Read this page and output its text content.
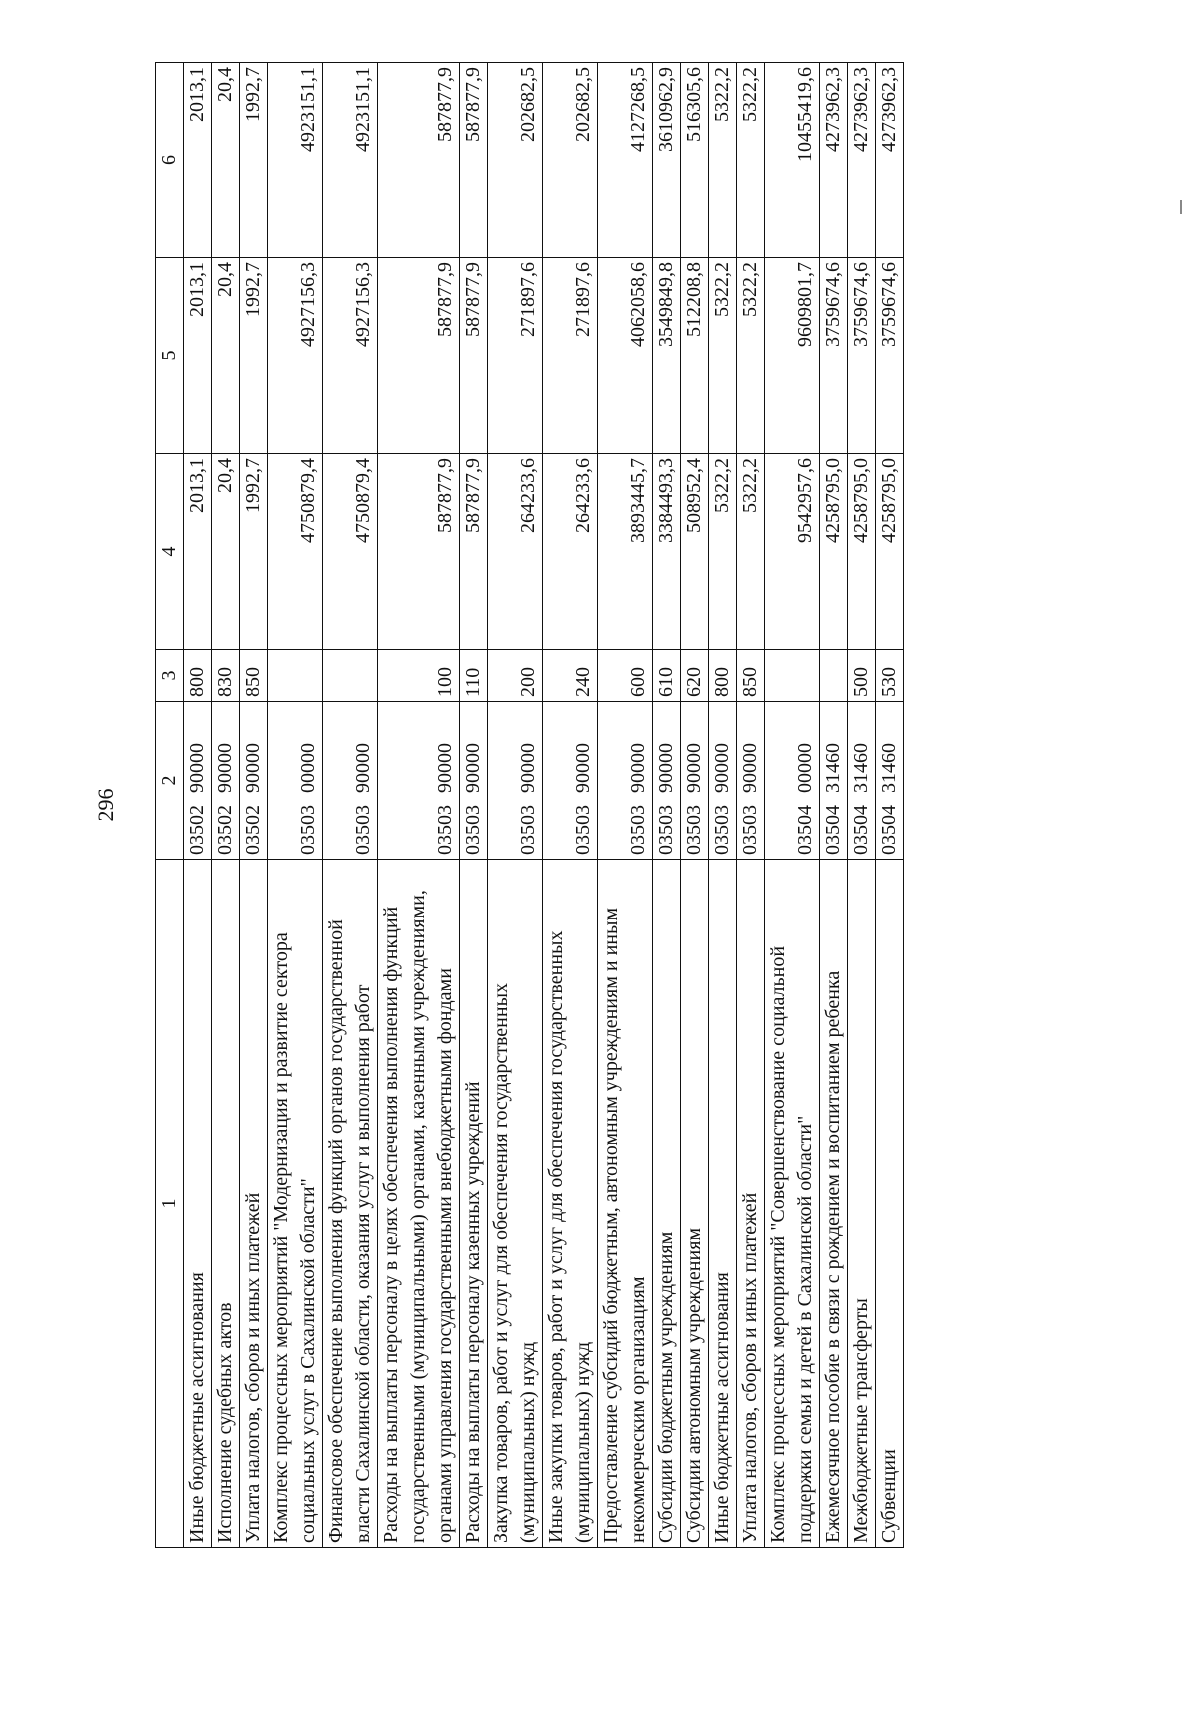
296
1	2	3	4	5	6
Иные бюджетные ассигнования	0350290000	800	2013,1	2013,1	2013,1
Исполнение судебных актов	0350290000	830	20,4	20,4	20,4
Уплата налогов, сборов и иных платежей	0350290000	850	1992,7	1992,7	1992,7
Комплекс процессных мероприятий "Модернизация и развитие сектора социальных услуг в Сахалинской области"	0350300000		4750879,4	4927156,3	4923151,1
Финансовое обеспечение выполнения функций органов государственной власти Сахалинской области, оказания услуг и выполнения работ	0350390000		4750879,4	4927156,3	4923151,1
Расходы на выплаты персоналу в целях обеспечения выполнения функций государственными (муниципальными) органами, казенными учреждениями, органами управления государственными внебюджетными фондами	0350390000	100	587877,9	587877,9	587877,9
Расходы на выплаты персоналу казенных учреждений	0350390000	110	587877,9	587877,9	587877,9
Закупка товаров, работ и услуг для обеспечения государственных (муниципальных) нужд	0350390000	200	264233,6	271897,6	202682,5
Иные закупки товаров, работ и услуг для обеспечения государственных (муниципальных) нужд	0350390000	240	264233,6	271897,6	202682,5
Предоставление субсидий бюджетным, автономным учреждениям и иным некоммерческим организациям	0350390000	600	3893445,7	4062058,6	4127268,5
Субсидии бюджетным учреждениям	0350390000	610	3384493,3	3549849,8	3610962,9
Субсидии автономным учреждениям	0350390000	620	508952,4	512208,8	516305,6
Иные бюджетные ассигнования	0350390000	800	5322,2	5322,2	5322,2
Уплата налогов, сборов и иных платежей	0350390000	850	5322,2	5322,2	5322,2
Комплекс процессных мероприятий "Совершенствование социальной поддержки семьи и детей в Сахалинской области"	0350400000		9542957,6	9609801,7	10455419,6
Ежемесячное пособие в связи с рождением и воспитанием ребенка	0350431460		4258795,0	3759674,6	4273962,3
Межбюджетные трансферты	0350431460	500	4258795,0	3759674,6	4273962,3
Субвенции	0350431460	530	4258795,0	3759674,6	4273962,3
